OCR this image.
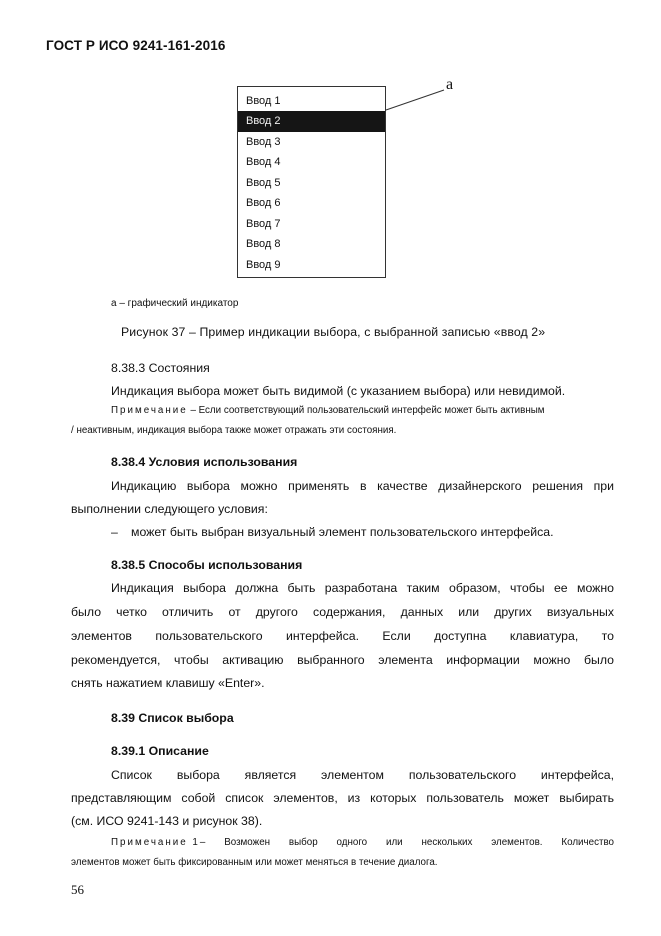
ГОСТ Р ИСО 9241-161-2016
Ввод 1
Ввод 2
Ввод 3
Ввод 4
Ввод 5
Ввод 6
Ввод 7
Ввод 8
Ввод 9
a
а – графический индикатор
Рисунок 37 – Пример индикации выбора, с выбранной записью «ввод 2»
8.38.3 Состояния
Индикация выбора может быть видимой (с указанием выбора) или невидимой.
Примечание – Если соответствующий пользовательский интерфейс может быть активным
/ неактивным, индикация выбора также может отражать эти состояния.
8.38.4 Условия использования
Индикацию выбора можно применять в качестве дизайнерского решения при
выполнении следующего условия:
– может быть выбран визуальный элемент пользовательского интерфейса.
8.38.5 Способы использования
Индикация выбора должна быть разработана таким образом, чтобы ее можно
было четко отличить от другого содержания, данных или других визуальных
элементов пользовательского интерфейса. Если доступна клавиатура, то
рекомендуется, чтобы активацию выбранного элемента информации можно было
снять нажатием клавишу «Enter».
8.39 Список выбора
8.39.1 Описание
Список выбора является элементом пользовательского интерфейса,
представляющим собой список элементов, из которых пользователь может выбирать
(см. ИСО 9241-143 и рисунок 38).
Примечание 1 – Возможен выбор одного или нескольких элементов. Количество
элементов может быть фиксированным или может меняться в течение диалога.
56
